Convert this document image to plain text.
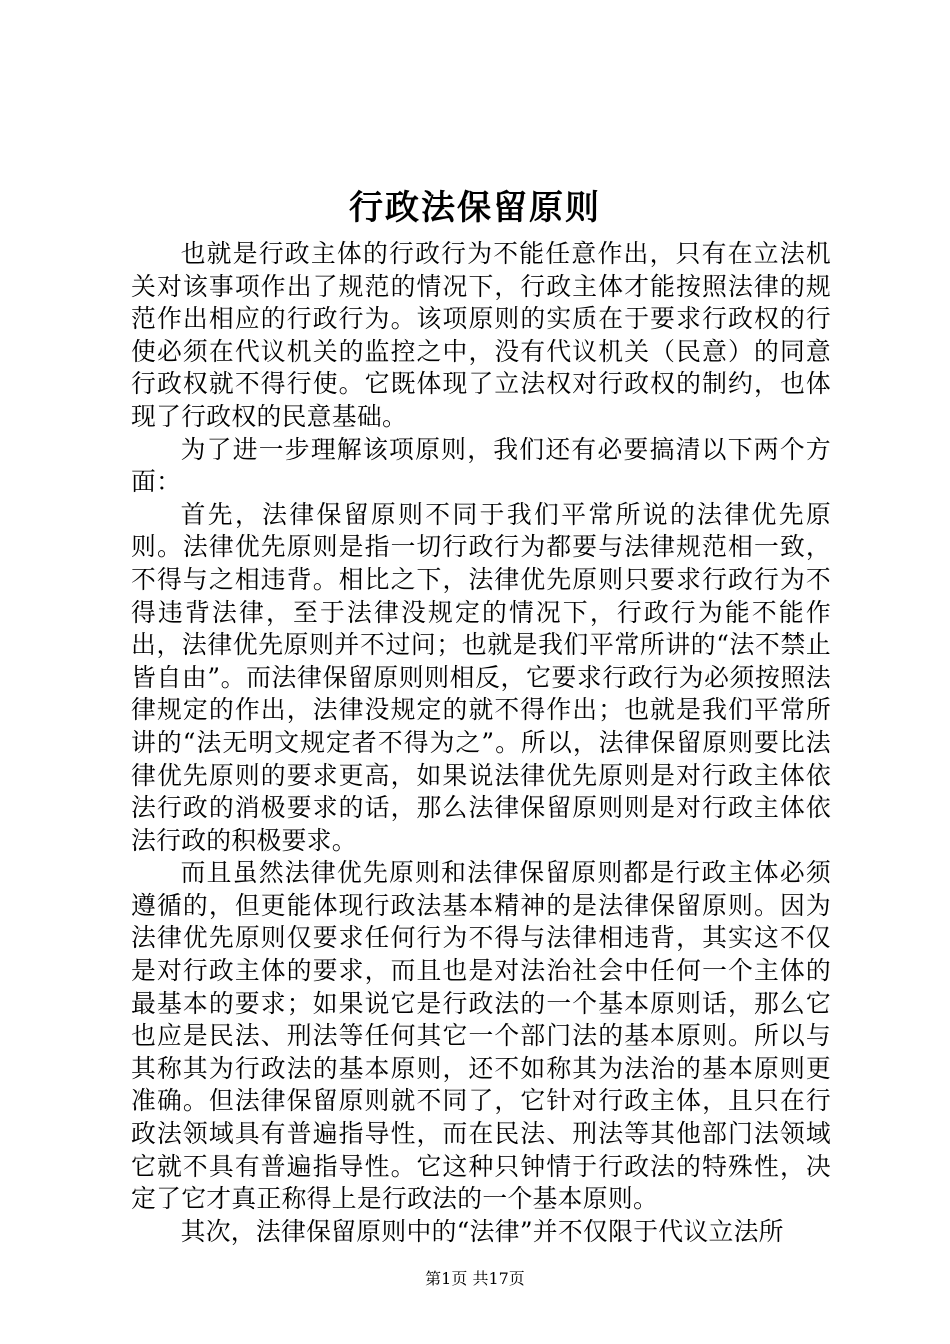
行政法保留原则

也就是行政主体的行政行为不能任意作出，只有在立法机关对该事项作出了规范的情况下，行政主体才能按照法律的规范作出相应的行政行为。该项原则的实质在于要求行政权的行使必须在代议机关的监控之中，没有代议机关（民意）的同意行政权就不得行使。它既体现了立法权对行政权的制约，也体现了行政权的民意基础。

为了进一步理解该项原则，我们还有必要搞清以下两个方面：

首先，法律保留原则不同于我们平常所说的法律优先原则。法律优先原则是指一切行政行为都要与法律规范相一致，不得与之相违背。相比之下，法律优先原则只要求行政行为不得违背法律，至于法律没规定的情况下，行政行为能不能作出，法律优先原则并不过问；也就是我们平常所讲的“法不禁止皆自由”。而法律保留原则则相反，它要求行政行为必须按照法律规定的作出，法律没规定的就不得作出；也就是我们平常所讲的“法无明文规定者不得为之”。所以，法律保留原则要比法律优先原则的要求更高，如果说法律优先原则是对行政主体依法行政的消极要求的话，那么法律保留原则则是对行政主体依法行政的积极要求。

而且虽然法律优先原则和法律保留原则都是行政主体必须遵循的，但更能体现行政法基本精神的是法律保留原则。因为法律优先原则仅要求任何行为不得与法律相违背，其实这不仅是对行政主体的要求，而且也是对法治社会中任何一个主体的最基本的要求；如果说它是行政法的一个基本原则话，那么它也应是民法、刑法等任何其它一个部门法的基本原则。所以与其称其为行政法的基本原则，还不如称其为法治的基本原则更准确。但法律保留原则就不同了，它针对行政主体，且只在行政法领域具有普遍指导性，而在民法、刑法等其他部门法领域它就不具有普遍指导性。它这种只钟情于行政法的特殊性，决定了它才真正称得上是行政法的一个基本原则。

其次，法律保留原则中的“法律”并不仅限于代议立法所

第1页 共17页
